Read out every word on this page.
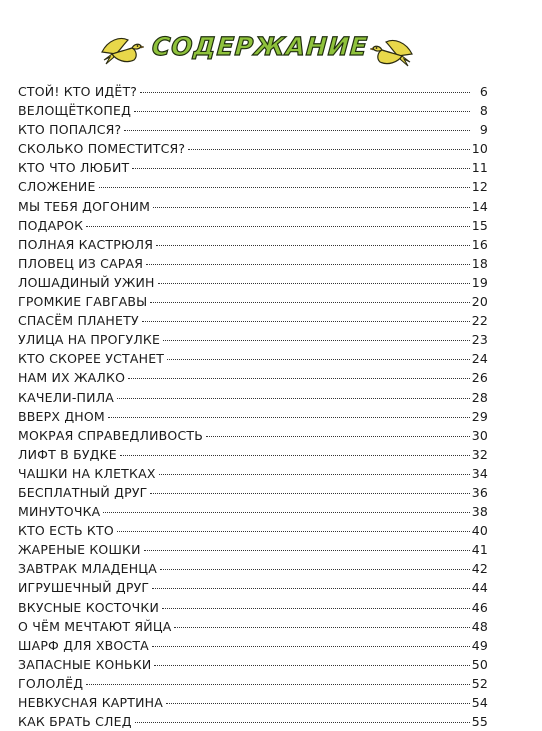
СОДЕРЖАНИЕ
СТОЙ! КТО ИДЁТ?	6
ВЕЛОЩЁТКОПЕД	8
КТО ПОПАЛСЯ?	9
СКОЛЬКО ПОМЕСТИТСЯ?	10
КТО ЧТО ЛЮБИТ	11
СЛОЖЕНИЕ	12
МЫ ТЕБЯ ДОГОНИМ	14
ПОДАРОК	15
ПОЛНАЯ КАСТРЮЛЯ	16
ПЛОВЕЦ ИЗ САРАЯ	18
ЛОШАДИНЫЙ УЖИН	19
ГРОМКИЕ ГАВГАВЫ	20
СПАСЁМ ПЛАНЕТУ	22
УЛИЦА НА ПРОГУЛКЕ	23
КТО СКОРЕЕ УСТАНЕТ	24
НАМ ИХ ЖАЛКО	26
КАЧЕЛИ-ПИЛА	28
ВВЕРХ ДНОМ	29
МОКРАЯ СПРАВЕДЛИВОСТЬ	30
ЛИФТ В БУДКЕ	32
ЧАШКИ НА КЛЕТКАХ	34
БЕСПЛАТНЫЙ ДРУГ	36
МИНУТОЧКА	38
КТО ЕСТЬ КТО	40
ЖАРЕНЫЕ КОШКИ	41
ЗАВТРАК МЛАДЕНЦА	42
ИГРУШЕЧНЫЙ ДРУГ	44
ВКУСНЫЕ КОСТОЧКИ	46
О ЧЁМ МЕЧТАЮТ ЯЙЦА	48
ШАРФ ДЛЯ ХВОСТА	49
ЗАПАСНЫЕ КОНЬКИ	50
ГОЛОЛЁД	52
НЕВКУСНАЯ КАРТИНА	54
КАК БРАТЬ СЛЕД	55
